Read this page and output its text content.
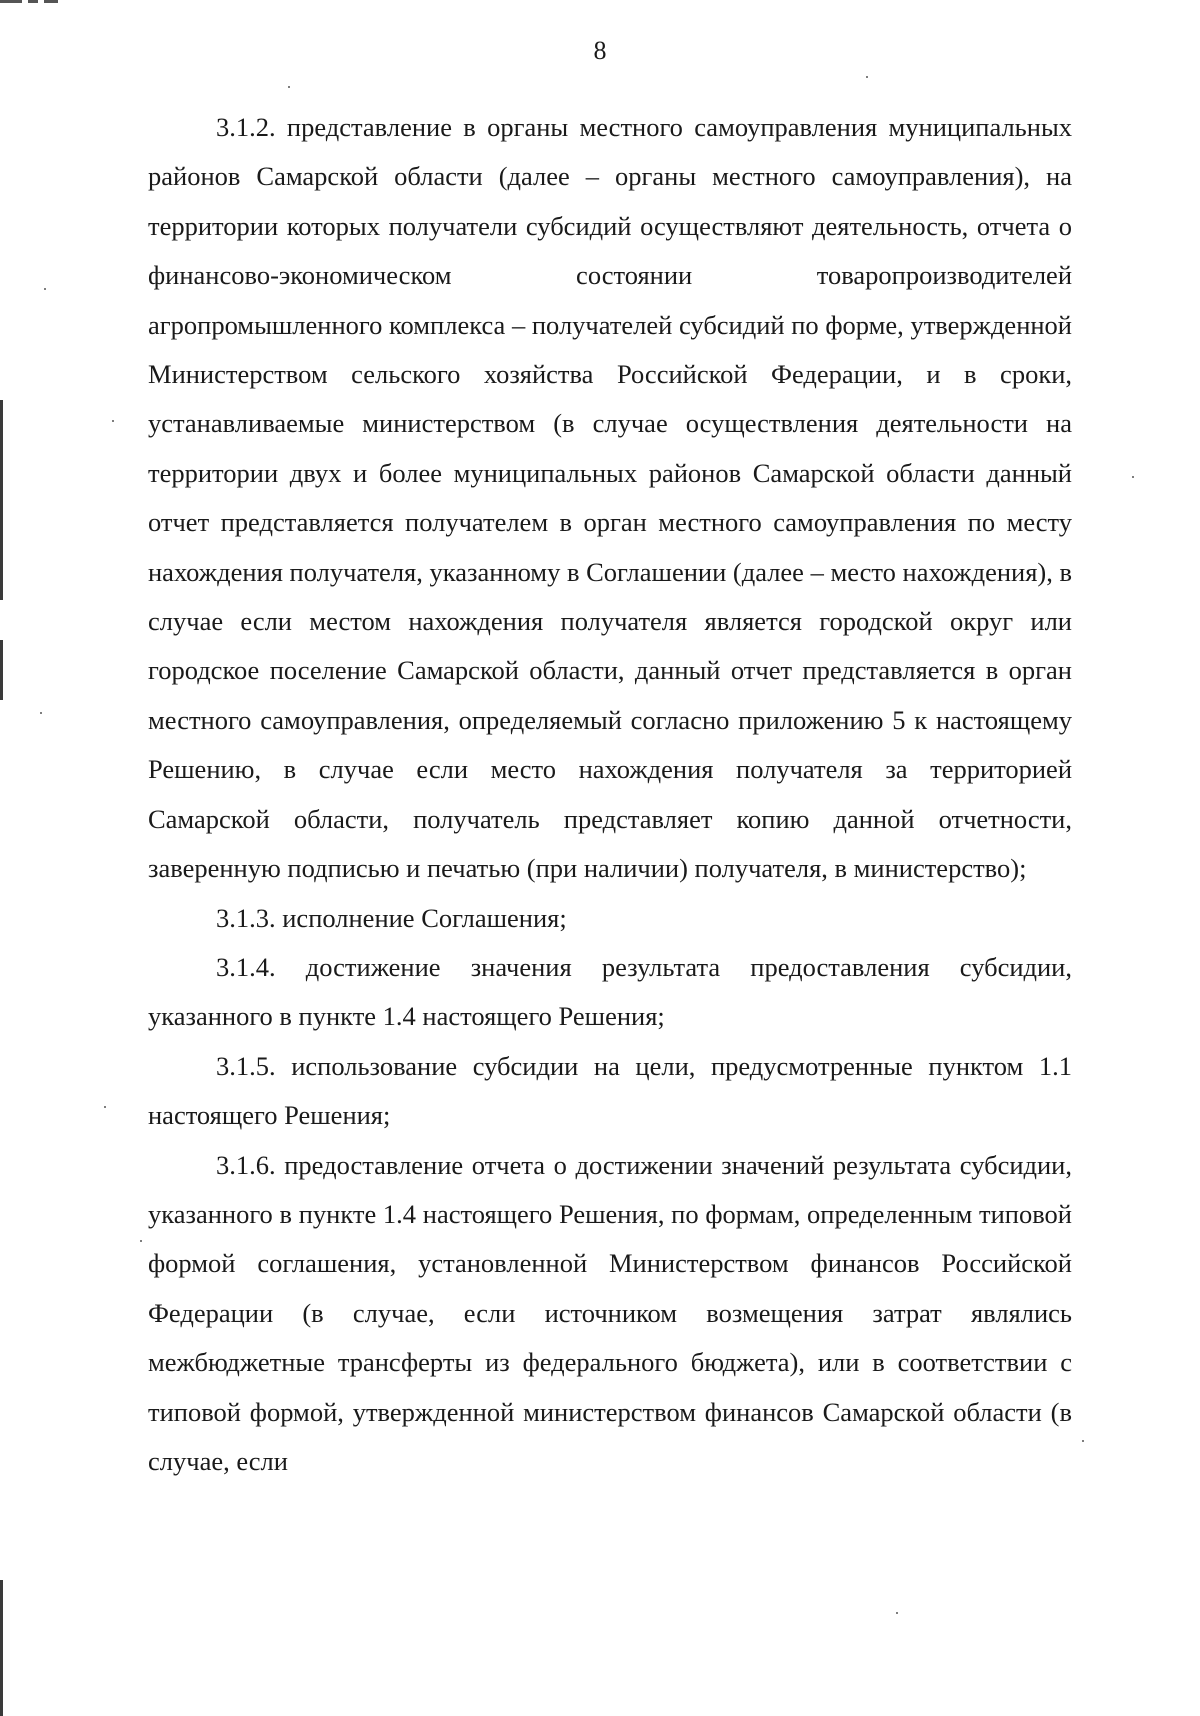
8

3.1.2. представление в органы местного самоуправления муниципальных районов Самарской области (далее – органы местного самоуправления), на территории которых получатели субсидий осуществляют деятельность, отчета о финансово-экономическом состоянии товаропроизводителей агропромышленного комплекса – получателей субсидий по форме, утвержденной Министерством сельского хозяйства Российской Федерации, и в сроки, устанавливаемые министерством (в случае осуществления деятельности на территории двух и более муниципальных районов Самарской области данный отчет представляется получателем в орган местного самоуправления по месту нахождения получателя, указанному в Соглашении (далее – место нахождения), в случае если местом нахождения получателя является городской округ или городское поселение Самарской области, данный отчет представляется в орган местного самоуправления, определяемый согласно приложению 5 к настоящему Решению, в случае если место нахождения получателя за территорией Самарской области, получатель представляет копию данной отчетности, заверенную подписью и печатью (при наличии) получателя, в министерство);

3.1.3. исполнение Соглашения;

3.1.4. достижение значения результата предоставления субсидии, указанного в пункте 1.4 настоящего Решения;

3.1.5. использование субсидии на цели, предусмотренные пунктом 1.1 настоящего Решения;

3.1.6. предоставление отчета о достижении значений результата субсидии, указанного в пункте 1.4 настоящего Решения, по формам, определенным типовой формой соглашения, установленной Министерством финансов Российской Федерации (в случае, если источником возмещения затрат являлись межбюджетные трансферты из федерального бюджета), или в соответствии с типовой формой, утвержденной министерством финансов Самарской области (в случае, если
